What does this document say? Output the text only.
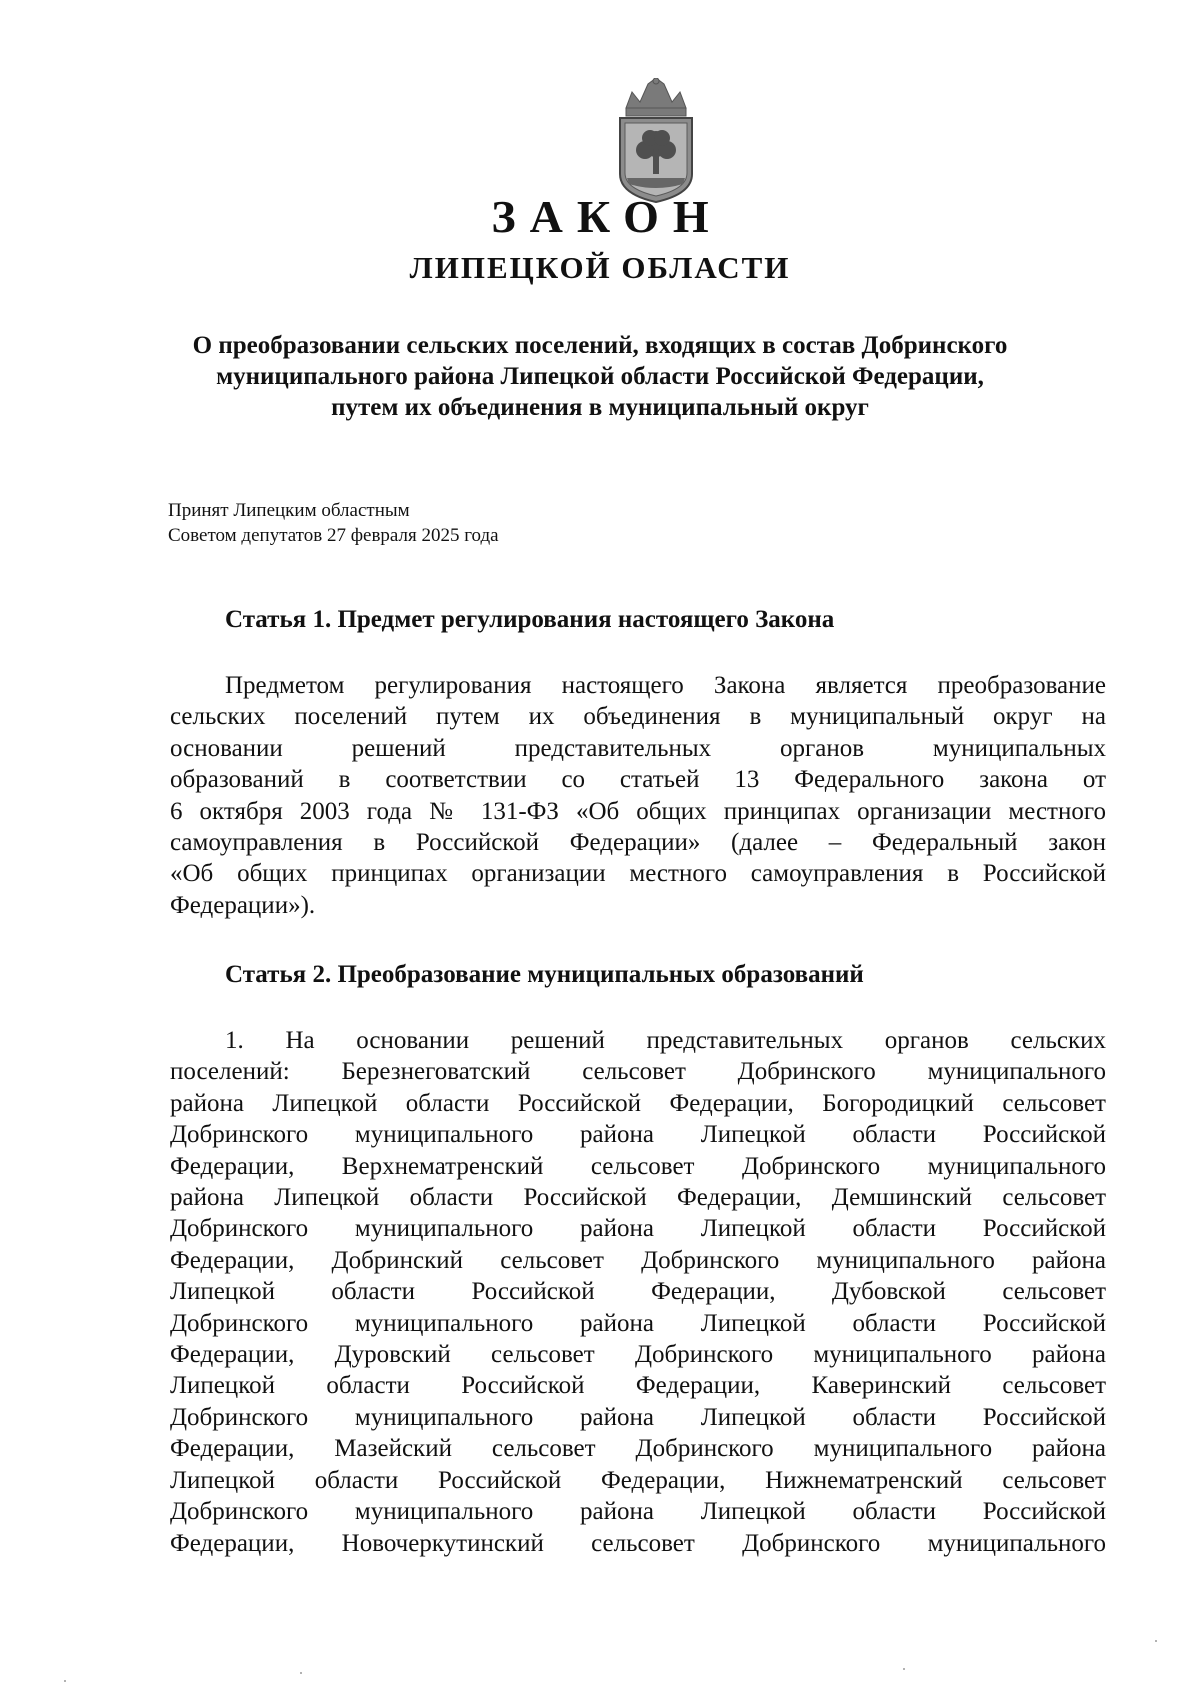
ЗАКОН
ЛИПЕЦКОЙ ОБЛАСТИ
О преобразовании сельских поселений, входящих в состав Добринского
муниципального района Липецкой области Российской Федерации,
путем их объединения в муниципальный округ
Принят Липецким областным
Советом депутатов 27 февраля 2025 года
Статья 1. Предмет регулирования настоящего Закона
Предметом регулирования настоящего Закона является преобразование
сельских поселений путем их объединения в муниципальный округ на
основании решений представительных органов муниципальных
образований в соответствии со статьей 13 Федерального закона от
6 октября 2003 года № 131-ФЗ «Об общих принципах организации местного
самоуправления в Российской Федерации» (далее – Федеральный закон
«Об общих принципах организации местного самоуправления в Российской
Федерации»).
Статья 2. Преобразование муниципальных образований
1. На основании решений представительных органов сельских
поселений: Березнеговатский сельсовет Добринского муниципального
района Липецкой области Российской Федерации, Богородицкий сельсовет
Добринского муниципального района Липецкой области Российской
Федерации, Верхнематренский сельсовет Добринского муниципального
района Липецкой области Российской Федерации, Демшинский сельсовет
Добринского муниципального района Липецкой области Российской
Федерации, Добринский сельсовет Добринского муниципального района
Липецкой области Российской Федерации, Дубовской сельсовет
Добринского муниципального района Липецкой области Российской
Федерации, Дуровский сельсовет Добринского муниципального района
Липецкой области Российской Федерации, Каверинский сельсовет
Добринского муниципального района Липецкой области Российской
Федерации, Мазейский сельсовет Добринского муниципального района
Липецкой области Российской Федерации, Нижнематренский сельсовет
Добринского муниципального района Липецкой области Российской
Федерации, Новочеркутинский сельсовет Добринского муниципального
